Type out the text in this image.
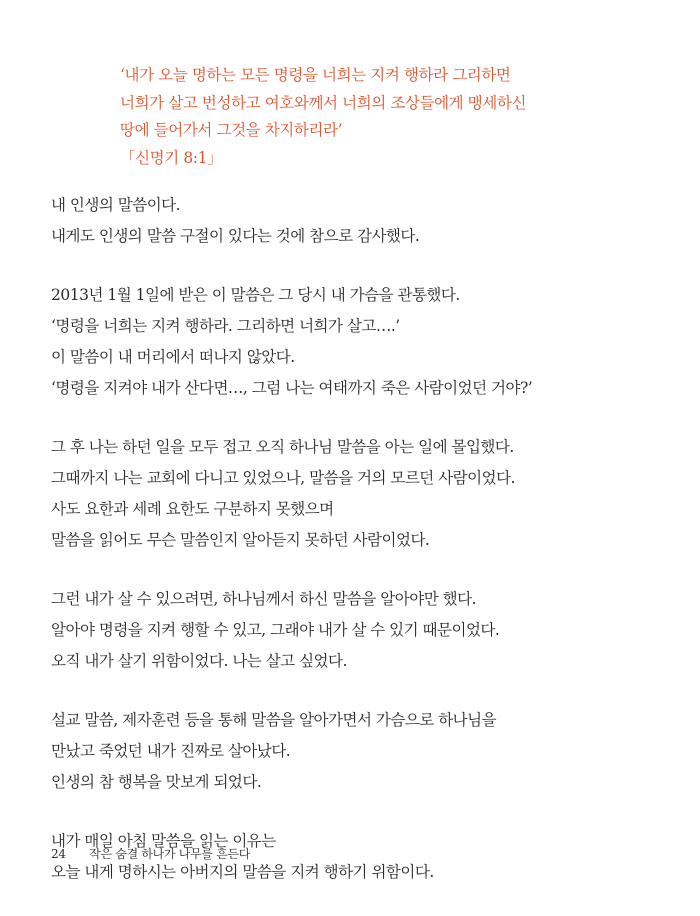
‘내가 오늘 명하는 모든 명령을 너희는 지켜 행하라 그리하면
너희가 살고 번성하고 여호와께서 너희의 조상들에게 맹세하신
땅에 들어가서 그것을 차지하리라’
「신명기 8:1」
내 인생의 말씀이다.
내게도 인생의 말씀 구절이 있다는 것에 참으로 감사했다.
2013년 1월 1일에 받은 이 말씀은 그 당시 내 가슴을 관통했다.
‘명령을 너희는 지켜 행하라. 그리하면 너희가 살고….’
이 말씀이 내 머리에서 떠나지 않았다.
‘명령을 지켜야 내가 산다면…, 그럼 나는 여태까지 죽은 사람이었던 거야?’
그 후 나는 하던 일을 모두 접고 오직 하나님 말씀을 아는 일에 몰입했다.
그때까지 나는 교회에 다니고 있었으나, 말씀을 거의 모르던 사람이었다.
사도 요한과 세례 요한도 구분하지 못했으며
말씀을 읽어도 무슨 말씀인지 알아듣지 못하던 사람이었다.
그런 내가 살 수 있으려면, 하나님께서 하신 말씀을 알아야만 했다.
알아야 명령을 지켜 행할 수 있고, 그래야 내가 살 수 있기 때문이었다.
오직 내가 살기 위함이었다. 나는 살고 싶었다.
설교 말씀, 제자훈련 등을 통해 말씀을 알아가면서 가슴으로 하나님을
만났고 죽었던 내가 진짜로 살아났다.
인생의 참 행복을 맛보게 되었다.
내가 매일 아침 말씀을 읽는 이유는
오늘 내게 명하시는 아버지의 말씀을 지켜 행하기 위함이다.
24 작은 숨결 하나가 나무를 흔든다
